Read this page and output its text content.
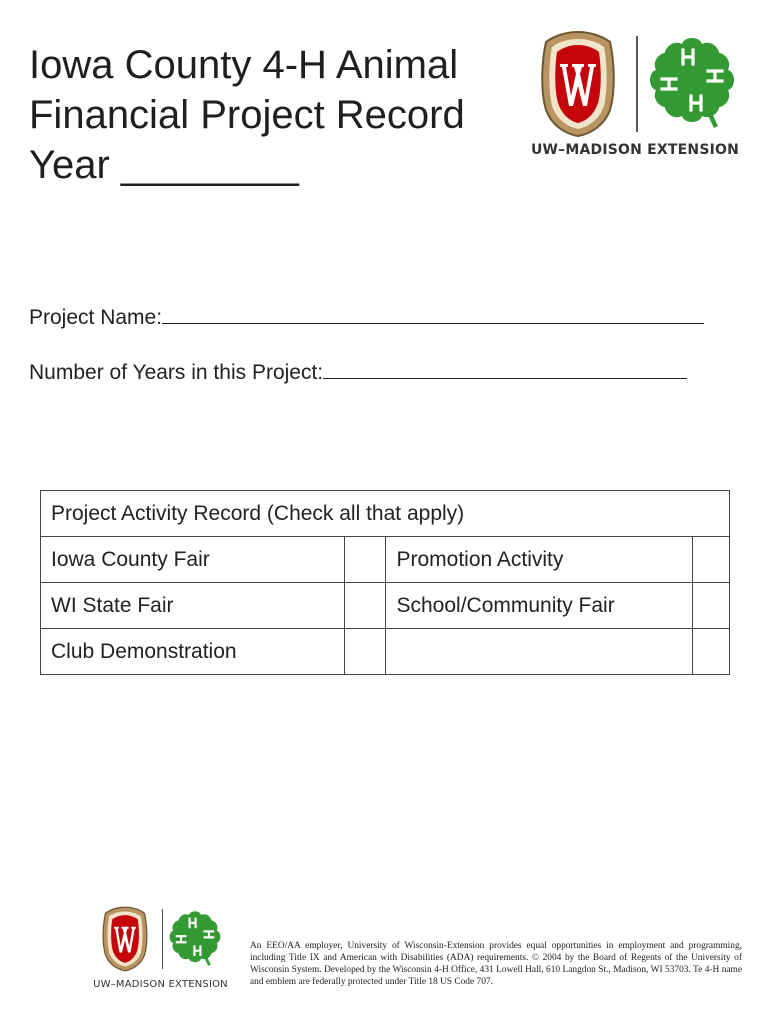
Iowa County 4-H Animal
Financial Project Record
Year ________	UW–MADISON EXTENSION
Project Name:
Number of Years in this Project:
Project Activity Record (Check all that apply)			
Iowa County Fair		Promotion Activity	
WI State Fair		School/Community Fair	
Club Demonstration			
UW–MADISON EXTENSION
An EEO/AA employer, University of Wisconsin-Extension provides equal opportunities in employment and programming, including Title IX and American with Disabilities (ADA) requirements. © 2004 by the Board of Regents of the University of Wisconsin System. Developed by the Wisconsin 4-H Office, 431 Lowell Hall, 610 Langdon St., Madison, WI 53703. Te 4-H name and emblem are federally protected under Title 18 US Code 707.
